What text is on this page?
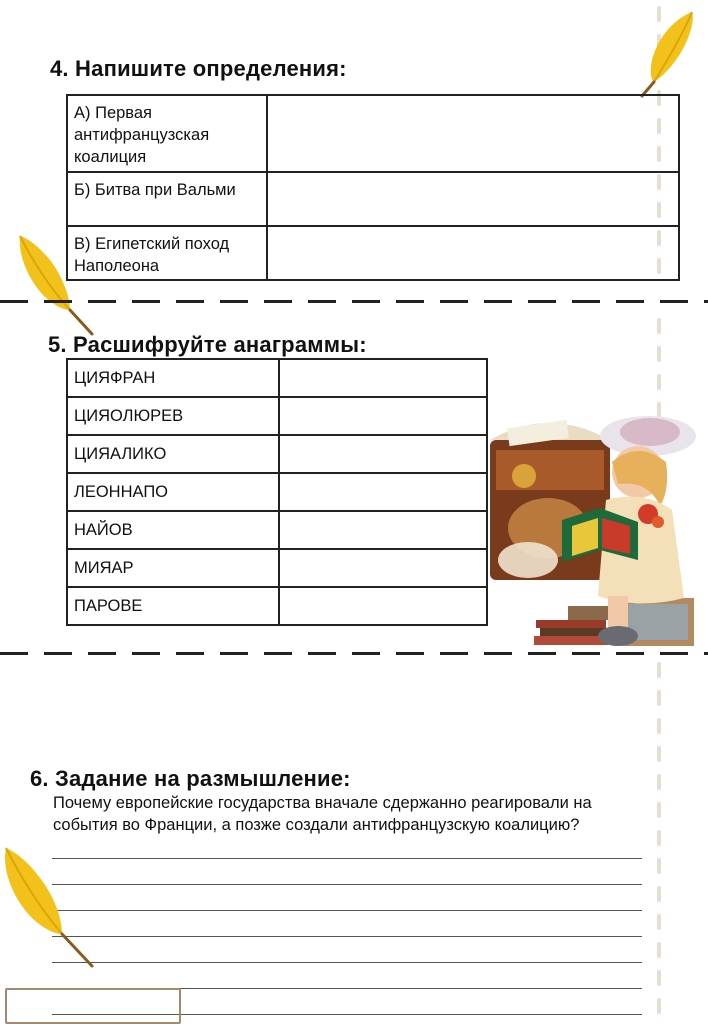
4. Напишите определения:
А) Первая антифранцузская коалиция	
Б) Битва при Вальми	
В) Египетский поход Наполеона	
5. Расшифруйте анаграммы:
ЦИЯФРАН	
ЦИЯОЛЮРЕВ	
ЦИЯАЛИКО	
ЛЕОННАПО	
НАЙОВ	
МИЯАР	
ПАРОВЕ	
6. Задание на размышление:
Почему европейские государства вначале сдержанно реагировали на события во Франции, а позже создали антифранцузскую коалицию?
